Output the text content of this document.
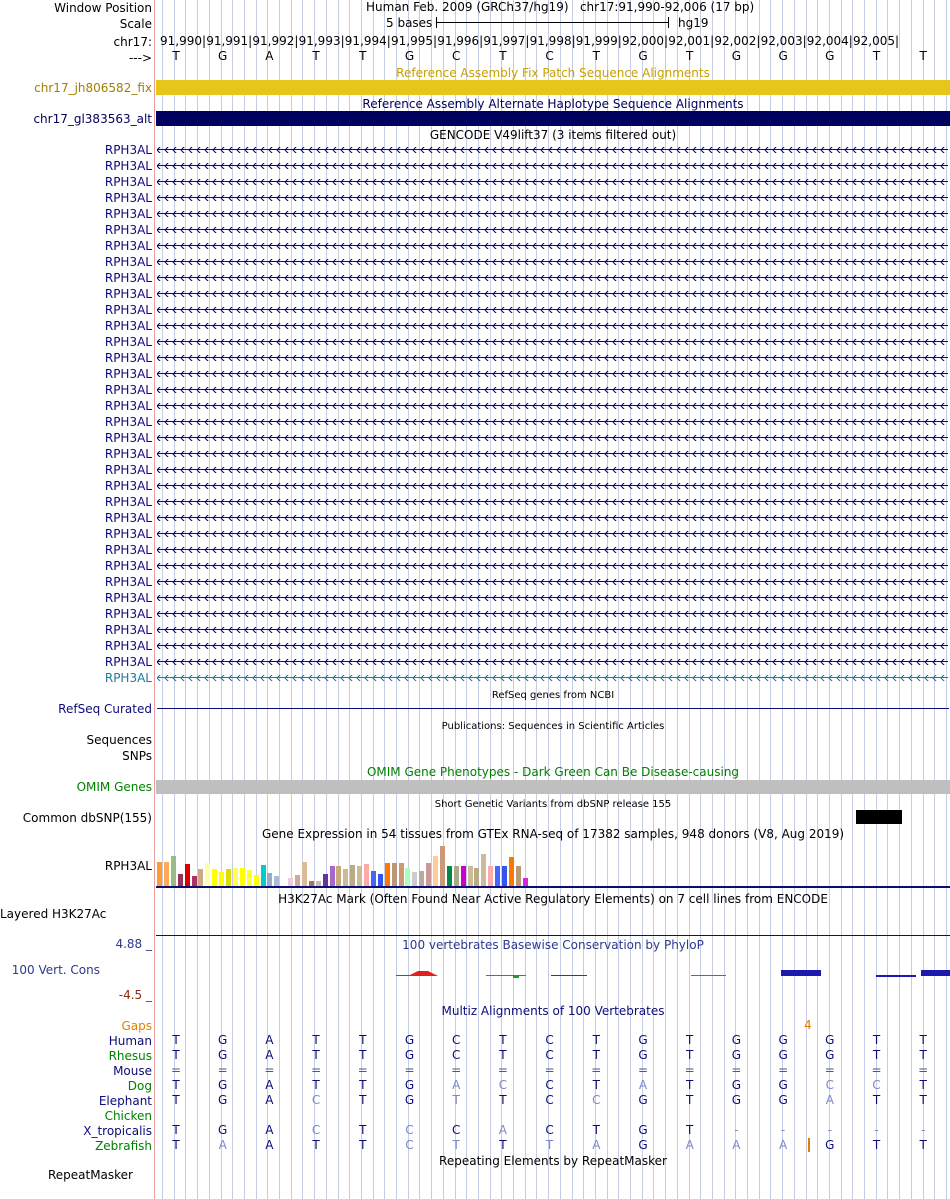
Window Position
Scale
chr17:
--->
Human Feb. 2009 (GRCh37/hg19)   chr17:91,990-92,006 (17 bp)
5 bases	hg19
91,990| 91,991| 91,992| 91,993| 91,994| 91,995| 91,996| 91,997| 91,998| 91,999| 92,000| 92,001| 92,002| 92,003| 92,004| 92,005|
T	G	A	T	T	G	C	T	C	T	G	T	G	G	G	T	T
Reference Assembly Fix Patch Sequence Alignments
chr17_jh806582_fix
Reference Assembly Alternate Haplotype Sequence Alignments
chr17_gl383563_alt
GENCODE V49lift37 (3 items filtered out)
RPH3AL
RPH3AL
RPH3AL
RPH3AL
RPH3AL
RPH3AL
RPH3AL
RPH3AL
RPH3AL
RPH3AL
RPH3AL
RPH3AL
RPH3AL
RPH3AL
RPH3AL
RPH3AL
RPH3AL
RPH3AL
RPH3AL
RPH3AL
RPH3AL
RPH3AL
RPH3AL
RPH3AL
RPH3AL
RPH3AL
RPH3AL
RPH3AL
RPH3AL
RPH3AL
RPH3AL
RPH3AL
RPH3AL
RPH3AL
RefSeq genes from NCBI
RefSeq Curated
Publications: Sequences in Scientific Articles
Sequences
SNPs
OMIM Gene Phenotypes - Dark Green Can Be Disease-causing
OMIM Genes
Short Genetic Variants from dbSNP release 155
Common dbSNP(155)
Gene Expression in 54 tissues from GTEx RNA-seq of 17382 samples, 948 donors (V8, Aug 2019)
RPH3AL
H3K27Ac Mark (Often Found Near Active Regulatory Elements) on 7 cell lines from ENCODE
Layered H3K27Ac
100 vertebrates Basewise Conservation by PhyloP
4.88 _
100 Vert. Cons
-4.5 _
Multiz Alignments of 100 Vertebrates
Gaps	4
Human	T	G	A	T	T	G	C	T	C	T	G	T	G	G	G	T	T
Rhesus	T	G	A	T	T	G	C	T	C	T	G	T	G	G	G	T	T
Mouse	=	=	=	=	=	=	=	=	=	=	=	=	=	=	=	=	=
Dog	T	G	A	T	T	G	A	C	C	T	A	T	G	G	C	C	T
Elephant	T	G	A	C	T	G	T	T	C	C	G	T	G	G	A	T	T
Chicken
X_tropicalis	T	G	A	C	T	C	C	A	C	T	G	T	-	-	-	-	-
Zebrafish	T	A	A	T	T	C	T	T	T	A	G	A	A	A	G	T	T
Repeating Elements by RepeatMasker
RepeatMasker
